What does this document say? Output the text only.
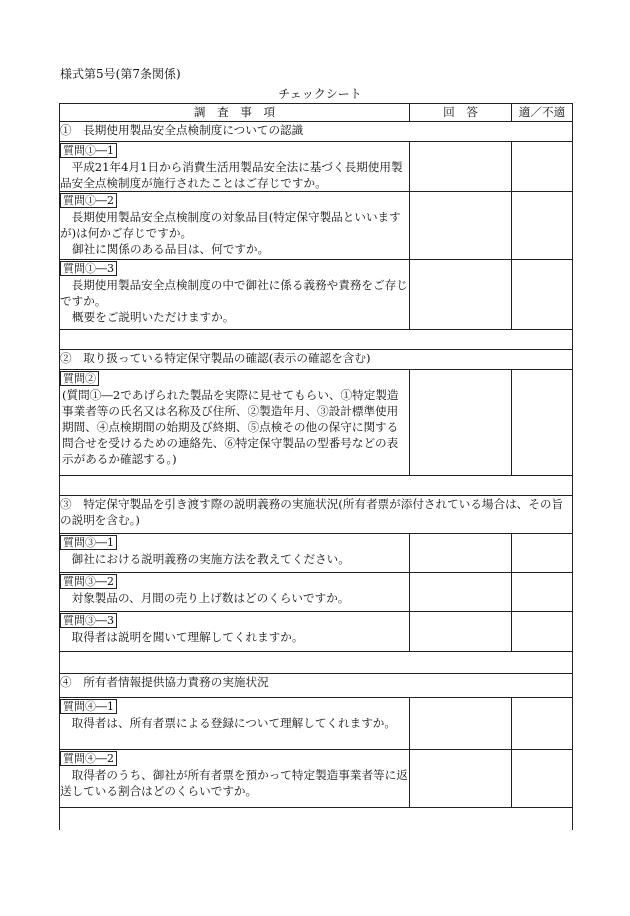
様式第5号(第7条関係)
チェックシート
調　査　事　項	回　答	適／不適
①　長期使用製品安全点検制度についての認識		
質問①―1
平成21年4月1日から消費生活用製品安全法に基づく長期使用製品安全点検制度が施行されたことはご存じですか。		

質問①―2
長期使用製品安全点検制度の対象品目(特定保守製品といいますが)は何かご存じですか。
御社に関係のある品目は、何ですか。		

質問①―3
長期使用製品安全点検制度の中で御社に係る義務や責務をご存じですか。
概要をご説明いただけますか。		

②　取り扱っている特定保守製品の確認(表示の確認を含む)		
質問②
(質問①―2であげられた製品を実際に見せてもらい、①特定製造事業者等の氏名又は名称及び住所、②製造年月、③設計標準使用期間、④点検期間の始期及び終期、⑤点検その他の保守に関する問合せを受けるための連絡先、⑥特定保守製品の型番号などの表示があるか確認する。)		

③　特定保守製品を引き渡す際の説明義務の実施状況(所有者票が添付されている場合は、その旨の説明を含む。)		
質問③―1
御社における説明義務の実施方法を教えてください。		

質問③―2
対象製品の、月間の売り上げ数はどのくらいですか。		

質問③―3
取得者は説明を聞いて理解してくれますか。		

④　所有者情報提供協力責務の実施状況		
質問④―1
取得者は、所有者票による登録について理解してくれますか。		

質問④―2
取得者のうち、御社が所有者票を預かって特定製造事業者等に返送している割合はどのくらいですか。		
